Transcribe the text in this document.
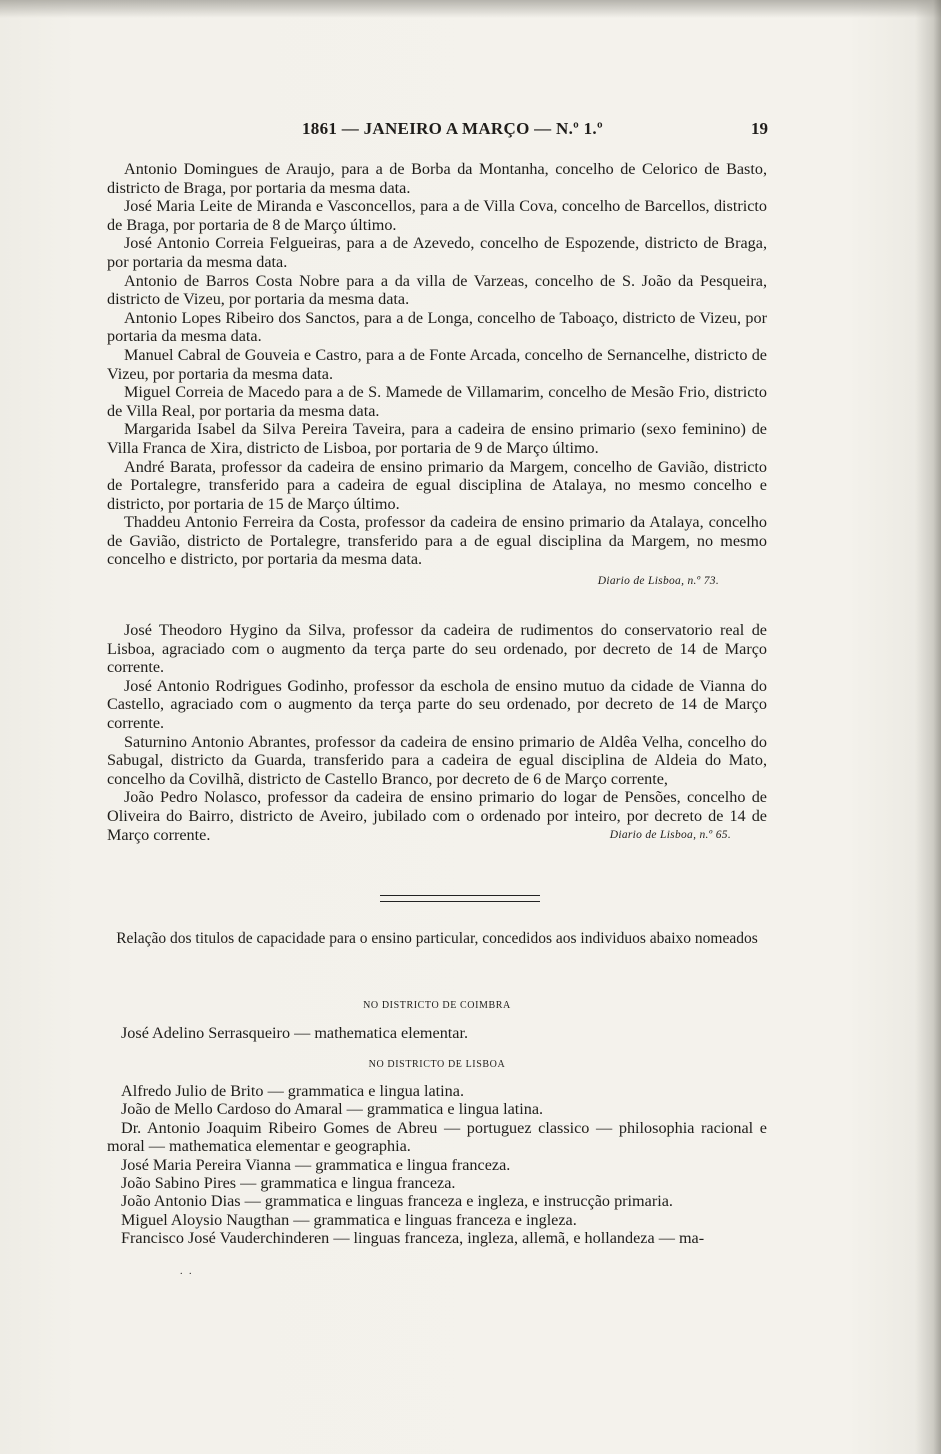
1861 — JANEIRO A MARÇO — N.º 1.º	19

Antonio Domingues de Araujo, para a de Borba da Montanha, concelho de Celorico de Basto, districto de Braga, por portaria da mesma data.

José Maria Leite de Miranda e Vasconcellos, para a de Villa Cova, concelho de Barcellos, districto de Braga, por portaria de 8 de Março último.

José Antonio Correia Felgueiras, para a de Azevedo, concelho de Espozende, districto de Braga, por portaria da mesma data.

Antonio de Barros Costa Nobre para a da villa de Varzeas, concelho de S. João da Pesqueira, districto de Vizeu, por portaria da mesma data.

Antonio Lopes Ribeiro dos Sanctos, para a de Longa, concelho de Taboaço, districto de Vizeu, por portaria da mesma data.

Manuel Cabral de Gouveia e Castro, para a de Fonte Arcada, concelho de Sernancelhe, districto de Vizeu, por portaria da mesma data.

Miguel Correia de Macedo para a de S. Mamede de Villamarim, concelho de Mesão Frio, districto de Villa Real, por portaria da mesma data.

Margarida Isabel da Silva Pereira Taveira, para a cadeira de ensino primario (sexo feminino) de Villa Franca de Xira, districto de Lisboa, por portaria de 9 de Março último.

André Barata, professor da cadeira de ensino primario da Margem, concelho de Gavião, districto de Portalegre, transferido para a cadeira de egual disciplina de Atalaya, no mesmo concelho e districto, por portaria de 15 de Março último.

Thaddeu Antonio Ferreira da Costa, professor da cadeira de ensino primario da Atalaya, concelho de Gavião, districto de Portalegre, transferido para a de egual disciplina da Margem, no mesmo concelho e districto, por portaria da mesma data.

Diario de Lisboa, n.º 73.

José Theodoro Hygino da Silva, professor da cadeira de rudimentos do conservatorio real de Lisboa, agraciado com o augmento da terça parte do seu ordenado, por decreto de 14 de Março corrente.

José Antonio Rodrigues Godinho, professor da eschola de ensino mutuo da cidade de Vianna do Castello, agraciado com o augmento da terça parte do seu ordenado, por decreto de 14 de Março corrente.

Saturnino Antonio Abrantes, professor da cadeira de ensino primario de Aldêa Velha, concelho do Sabugal, districto da Guarda, transferido para a cadeira de egual disciplina de Aldeia do Mato, concelho da Covilhã, districto de Castello Branco, por decreto de 6 de Março corrente,

João Pedro Nolasco, professor da cadeira de ensino primario do logar de Pensões, concelho de Oliveira do Bairro, districto de Aveiro, jubilado com o ordenado por inteiro, por decreto de 14 de Março corrente.	Diario de Lisboa, n.º 65.

Relação dos titulos de capacidade para o ensino particular, concedidos aos individuos abaixo nomeados
NO DISTRICTO DE COIMBRA

José Adelino Serrasqueiro — mathematica elementar.

NO DISTRICTO DE LISBOA

Alfredo Julio de Brito — grammatica e lingua latina.

João de Mello Cardoso do Amaral — grammatica e lingua latina.

Dr. Antonio Joaquim Ribeiro Gomes de Abreu — portuguez classico — philosophia racional e moral — mathematica elementar e geographia.

José Maria Pereira Vianna — grammatica e lingua franceza.

João Sabino Pires — grammatica e lingua franceza.

João Antonio Dias — grammatica e linguas franceza e ingleza, e instrucção primaria.

Miguel Aloysio Naugthan — grammatica e linguas franceza e ingleza.

Francisco José Vauderchinderen — linguas franceza, ingleza, allemã, e hollandeza — ma-

. .
